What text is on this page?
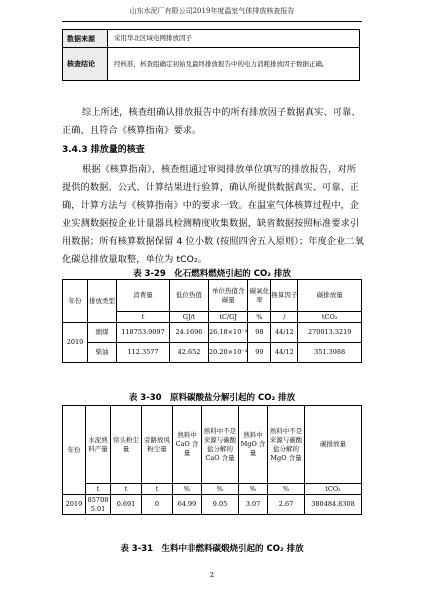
山东水泥厂有限公司2019年度温室气体排放核查报告
数据来源	采用华北区域电网排放因子
核查结论	经核准，核查组确定初始及最终排放报告中的电力消耗排放因子数据正确。

综上所述，核查组确认排放报告中的所有排放因子数据真实、可靠、正确，且符合《核算指南》要求。

3.4.3 排放量的核查

根据《核算指南》，核查组通过审阅排放单位填写的排放报告，对所提供的数据、公式、计算结果进行验算，确认所提供数据真实、可靠、正确，计算方法与《核算指南》中的要求一致。在温室气体核算过程中，企业实测数据按企业计量器具检测精度收集数据，缺省数据按照标准要求引用数据；所有核算数据保留 4 位小数 (按照四舍五入原则）；年度企业二氧化碳总排放量取整，单位为 tCO₂。

表 3-29　化石燃料燃烧引起的 CO₂ 排放
年份	排放类型	消费量	低位热值	单位热值含碳量	碳氧化率	换算因子	碳排放量
		t	GJ/t	tC/GJ	%	/	tCO₂
2019	烟煤	118753.9097	24.1696	26.18×10⁻³	98	44/12	270013.3219
	柴油	112.3577	42.652	20.20×10⁻³	99	44/12	351.3988
表 3-30　原料碳酸盐分解引起的 CO₂ 排放
年份	水泥熟料产量	窑头粉尘量	旁路放风粉尘量	熟料中 CaO 含量	熟料中不是来源与碳酸盐分解的 CaO 含量	熟料中 MgO 含量	熟料中不是来源与碳酸盐分解的 MgO 含量	碳排放量
	t	t	t	%	%	%	%	tCO₂
2019	857085.01	0.691	0	64.99	9.05	3.07	2.67	380484.8308
表 3-31　生料中非燃料碳煅烧引起的 CO₂ 排放
2
